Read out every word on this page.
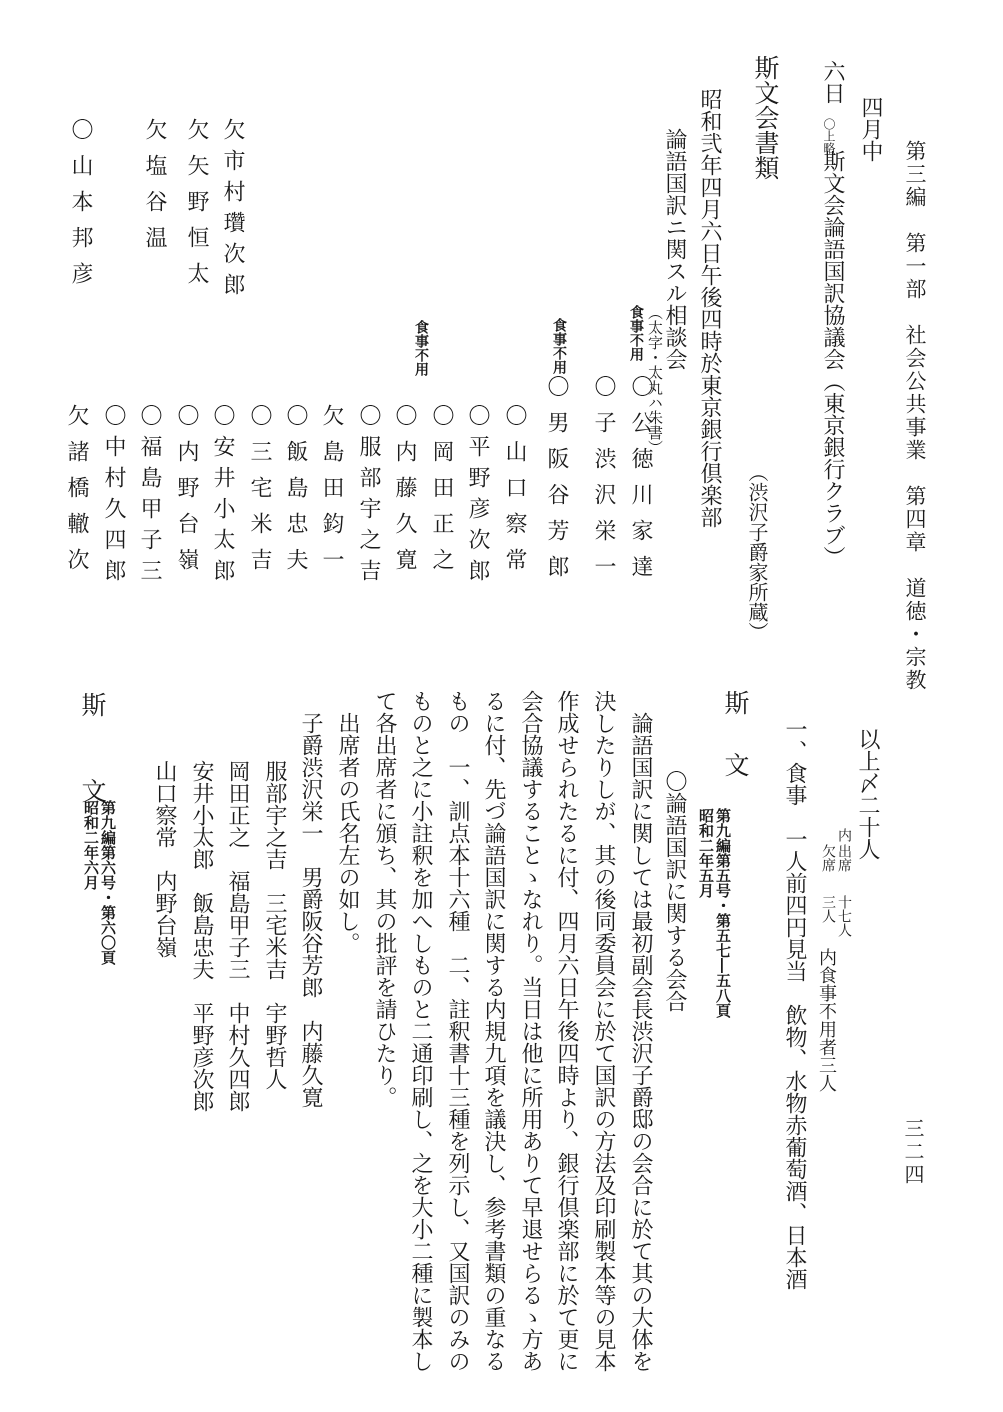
第三編　第一部　社会公共事業　第四章　道徳・宗教
三二四
四月中
六日
〇上略
斯文会論語国訳協議会（東京銀行クラブ）
斯文会書類
（渋沢子爵家所蔵）
昭和弐年四月六日午後四時於東京銀行倶楽部
論語国訳ニ関スル相談会
（太字・太丸ハ朱書）
食事不用
食事不用
食事不用
〇公徳川家達
〇子渋沢栄一
〇男阪谷芳郎
〇山口察常
〇平野彦次郎
〇岡田正之
〇内藤久寛
〇服部宇之吉
欠島田鈞一
〇飯島忠夫
〇三宅米吉
〇安井小太郎
〇内野台嶺
〇福島甲子三
〇中村久四郎
欠諸橋轍次
欠市村瓚次郎
欠矢野恒太
欠塩谷温
〇山本邦彦
以上〆二十人
内
出席
十七人
欠席
三人
内食事不用者三人
一、食事　一人前四円見当　飲物、水物赤葡萄酒、日本酒
斯　文
第九編第五号・第五七―五八頁
昭和二年五月
〇論語国訳に関する会合
論語国訳に関しては最初副会長渋沢子爵邸の会合に於て其の大体を
決したりしが、其の後同委員会に於て国訳の方法及印刷製本等の見本
作成せられたるに付、四月六日午後四時より、銀行倶楽部に於て更に
会合協議することゝなれり。当日は他に所用ありて早退せらるゝ方あ
るに付、先づ論語国訳に関する内規九項を議決し、参考書類の重なる
もの　一、訓点本十六種　二、註釈書十三種を列示し、又国訳のみの
ものと之に小註釈を加へしものと二通印刷し、之を大小二種に製本し
て各出席者に頒ち、其の批評を請ひたり。
出席者の氏名左の如し。
子爵渋沢栄一　男爵阪谷芳郎　内藤久寛
服部宇之吉　三宅米吉　宇野哲人
岡田正之　福島甲子三　中村久四郎
安井小太郎　飯島忠夫　平野彦次郎
山口察常　内野台嶺
斯　文
第九編第六号・第六〇頁
昭和二年六月
